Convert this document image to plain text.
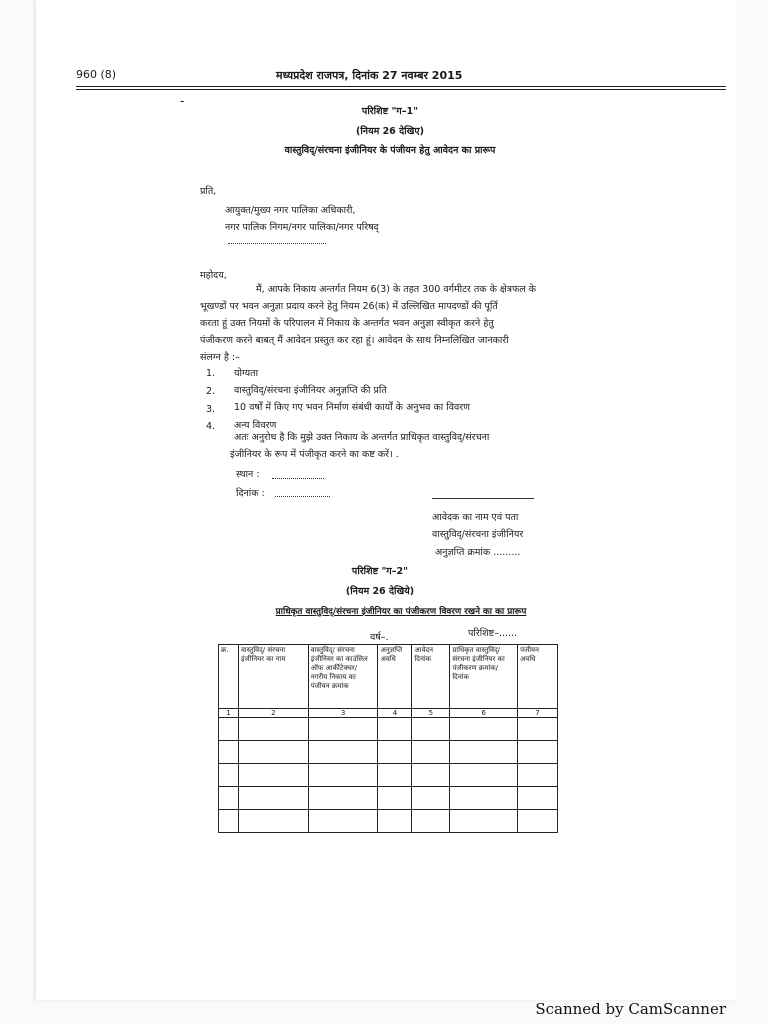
960 (8)	मध्यप्रदेश राजपत्र, दिनांक 27 नवम्बर 2015
-
परिशिष्ट "ग–1"
(नियम 26 देखिए)
वास्तुविद्/संरचना इंजीनियर के पंजीयन हेतु आवेदन का प्रारूप
प्रति,
आयुक्त/मुख्य नगर पालिका अधिकारी,
नगर पालिक निगम/नगर पालिका/नगर परिषद्
महोदय,
मैं, आपके निकाय अन्तर्गत नियम 6(3) के तहत 300 वर्गमीटर तक के क्षेत्रफल के
भूखण्डों पर भवन अनुज्ञा प्रदाय करने हेतु नियम 26(क) में उल्लिखित मापदण्डों की पूर्ति
करता हूं उक्त नियमों के परिपालन में निकाय के अन्तर्गत भवन अनुज्ञा स्वीकृत करने हेतु
पंजीकरण करने बाबत् मैं आवेदन प्रस्तुत कर रहा हूं। आवेदन के साथ निम्नलिखित जानकारी
संलग्न है :–
1. योग्यता
2. वास्तुविद्/संरचना इंजीनियर अनुज्ञप्ति की प्रति
3. 10 वर्षों में किए गए भवन निर्माण संबंधी कार्यों के अनुभव का विवरण
4. अन्य विवरण
अतः अनुरोध है कि मुझे उक्त निकाय के अन्तर्गत प्राधिकृत वास्तुविद्/संरचना
इंजीनियर के रूप में पंजीकृत करने का कष्ट करें। .
स्थान :
दिनांक :
आवेदक का नाम एवं पता
वास्तुविद्/संरचना इंजीनियर
अनुज्ञप्ति क्रमांक .........
परिशिष्ट "ग–2"
(नियम 26 देखिये)
प्राधिकृत वास्तुविद्/संरचना इंजीनियर का पंजीकरण विवरण रखने का का प्रारूप
वर्ष–.	परिशिष्ट–......
क्र.	वास्तुविद्/ संरचना इंजीनियर का नाम	वास्तुविद्/ संरचना इंजीनियर का काउंसिल ऑफ आर्कीटेक्चर/ नगरीय निकाय का पंजीयन क्रमांक	अनुज्ञप्ति अवधि	आवेदन दिनांक	प्राधिकृत वास्तुविद्/ संरचना इंजीनियर का पंजीकरण क्रमांक/ दिनांक	पंजीयन अवधि
1	2	3	4	5	6	7

Scanned by CamScanner
